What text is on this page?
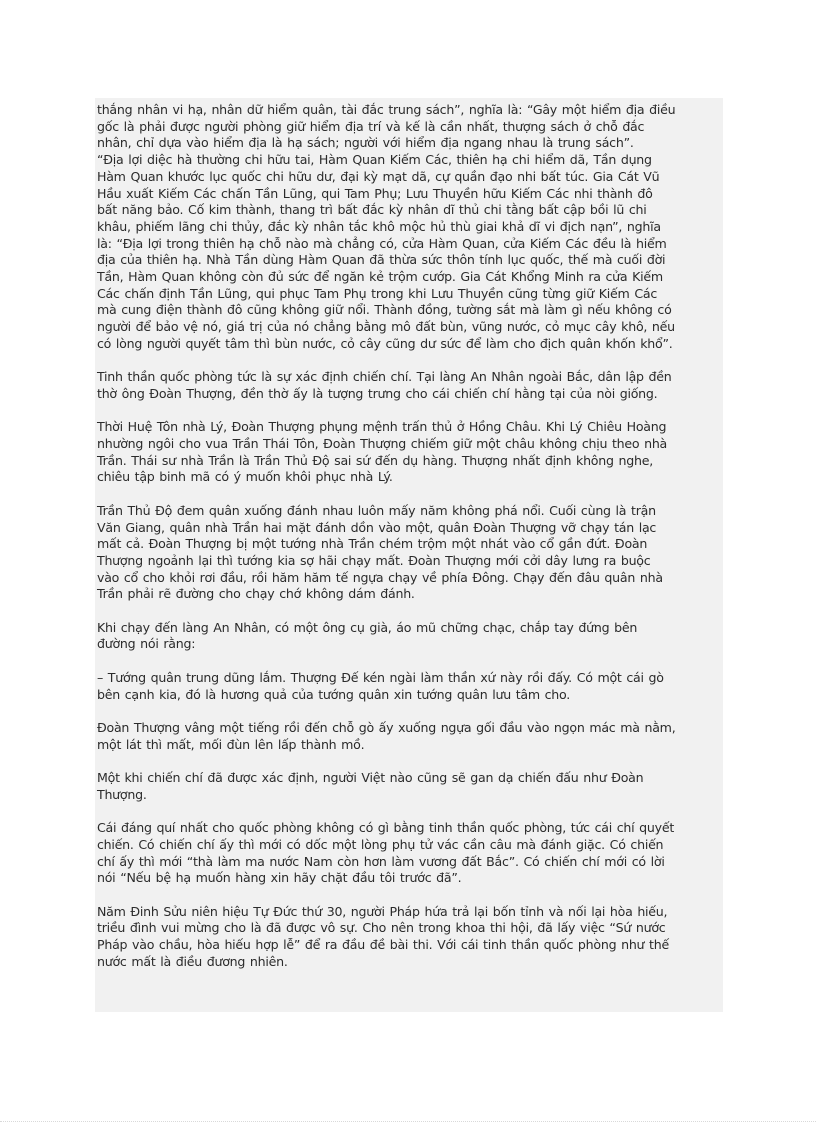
thắng nhân vi hạ, nhân dữ hiểm quân, tài đắc trung sách”, nghĩa là: “Gây một hiểm địa điều
gốc là phải được người phòng giữ hiểm địa trí và kế là cần nhất, thượng sách ở chỗ đắc
nhân, chỉ dựa vào hiểm địa là hạ sách; người với hiểm địa ngang nhau là trung sách”.
“Địa lợi diệc hà thường chi hữu tai, Hàm Quan Kiếm Các, thiên hạ chi hiểm dã, Tần dụng
Hàm Quan khước lục quốc chi hữu dư, đại kỳ mạt dã, cự quần đạo nhi bất túc. Gia Cát Vũ
Hầu xuất Kiếm Các chấn Tần Lũng, qui Tam Phụ; Lưu Thuyền hữu Kiếm Các nhi thành đô
bất năng bảo. Cố kim thành, thang trì bất đắc kỳ nhân dĩ thủ chi tằng bất cập bồi lũ chi
khâu, phiếm lãng chi thủy, đắc kỳ nhân tắc khô mộc hủ thù giai khả dĩ vi địch nạn”, nghĩa
là: “Địa lợi trong thiên hạ chỗ nào mà chẳng có, cửa Hàm Quan, cửa Kiếm Các đều là hiểm
địa của thiên hạ. Nhà Tần dùng Hàm Quan đã thừa sức thôn tính lục quốc, thế mà cuối đời
Tần, Hàm Quan không còn đủ sức để ngăn kẻ trộm cướp. Gia Cát Khổng Minh ra cửa Kiếm
Các chấn định Tần Lũng, qui phục Tam Phụ trong khi Lưu Thuyền cũng từng giữ Kiếm Các
mà cung điện thành đô cũng không giữ nổi. Thành đồng, tường sắt mà làm gì nếu không có
người để bảo vệ nó, giá trị của nó chẳng bằng mô đất bùn, vũng nước, cỏ mục cây khô, nếu
có lòng người quyết tâm thì bùn nước, cỏ cây cũng dư sức để làm cho địch quân khốn khổ”.

Tinh thần quốc phòng tức là sự xác định chiến chí. Tại làng An Nhân ngoài Bắc, dân lập đền
thờ ông Đoàn Thượng, đền thờ ấy là tượng trưng cho cái chiến chí hằng tại của nòi giống.

Thời Huệ Tôn nhà Lý, Đoàn Thượng phụng mệnh trấn thủ ở Hồng Châu. Khi Lý Chiêu Hoàng
nhường ngôi cho vua Trần Thái Tôn, Đoàn Thượng chiếm giữ một châu không chịu theo nhà
Trần. Thái sư nhà Trần là Trần Thủ Độ sai sứ đến dụ hàng. Thượng nhất định không nghe,
chiêu tập binh mã có ý muốn khôi phục nhà Lý.

Trần Thủ Độ đem quân xuống đánh nhau luôn mấy năm không phá nổi. Cuối cùng là trận
Văn Giang, quân nhà Trần hai mặt đánh dồn vào một, quân Đoàn Thượng vỡ chạy tán lạc
mất cả. Đoàn Thượng bị một tướng nhà Trần chém trộm một nhát vào cổ gần đứt. Đoàn
Thượng ngoảnh lại thì tướng kia sợ hãi chạy mất. Đoàn Thượng mới cởi dây lưng ra buộc
vào cổ cho khỏi rơi đầu, rồi hăm hăm tế ngựa chạy về phía Đông. Chạy đến đâu quân nhà
Trần phải rẽ đường cho chạy chớ không dám đánh.

Khi chạy đến làng An Nhân, có một ông cụ già, áo mũ chững chạc, chắp tay đứng bên
đường nói rằng:

– Tướng quân trung dũng lắm. Thượng Đế kén ngài làm thần xứ này rồi đấy. Có một cái gò
bên cạnh kia, đó là hương quả của tướng quân xin tướng quân lưu tâm cho.

Đoàn Thượng vâng một tiếng rồi đến chỗ gò ấy xuống ngựa gối đầu vào ngọn mác mà nằm,
một lát thì mất, mối đùn lên lấp thành mồ.

Một khi chiến chí đã được xác định, người Việt nào cũng sẽ gan dạ chiến đấu như Đoàn
Thượng.

Cái đáng quí nhất cho quốc phòng không có gì bằng tinh thần quốc phòng, tức cái chí quyết
chiến. Có chiến chí ấy thì mới có dốc một lòng phụ tử vác cần câu mà đánh giặc. Có chiến
chí ấy thì mới “thà làm ma nước Nam còn hơn làm vương đất Bắc”. Có chiến chí mới có lời
nói “Nếu bệ hạ muốn hàng xin hãy chặt đầu tôi trước đã”.

Năm Đinh Sửu niên hiệu Tự Đức thứ 30, người Pháp hứa trả lại bốn tỉnh và nối lại hòa hiếu,
triều đình vui mừng cho là đã được vô sự. Cho nên trong khoa thi hội, đã lấy việc “Sứ nước
Pháp vào chầu, hòa hiếu hợp lễ” để ra đầu đề bài thi. Với cái tinh thần quốc phòng như thế
nước mất là điều đương nhiên.
